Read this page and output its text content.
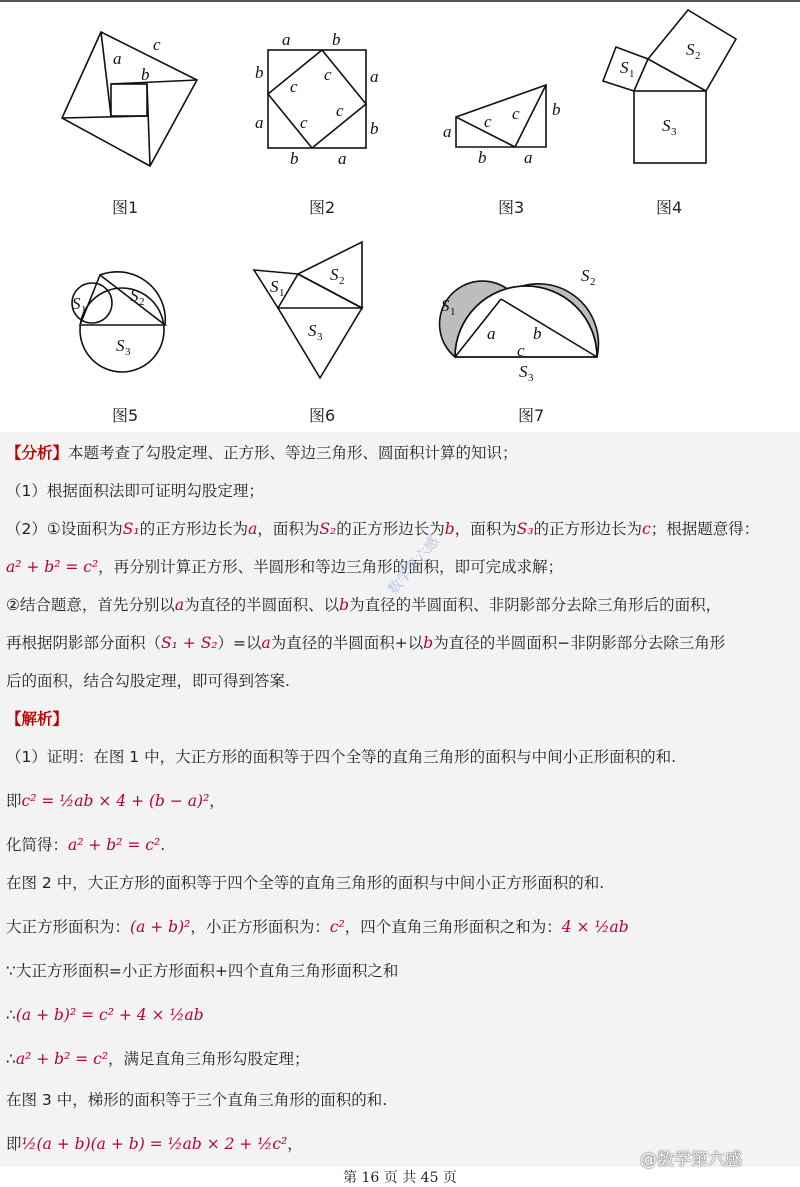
a
c
b
图1
a b
b
a
a
b
b a
c
c
c
c
图2
a
b
b a
c c
图3
S 1
S 2
S 3
图4
S 1
S 2
S 3
图5
S 1
S 2
S 3
图6
S 1
S 2
S 3
a b
c
图7
【分析】本题考查了勾股定理、正方形、等边三角形、圆面积计算的知识；
（1）根据面积法即可证明勾股定理；
（2）①设面积为S₁的正方形边长为a，面积为S₂的正方形边长为b，面积为S₃的正方形边长为c；根据题意得：
a² + b² = c²，再分别计算正方形、半圆形和等边三角形的面积，即可完成求解；
②结合题意，首先分别以a为直径的半圆面积、以b为直径的半圆面积、非阴影部分去除三角形后的面积，
再根据阴影部分面积（S₁ + S₂）=以a为直径的半圆面积+以b为直径的半圆面积−非阴影部分去除三角形
后的面积，结合勾股定理，即可得到答案.
【解析】
（1）证明：在图 1 中，大正方形的面积等于四个全等的直角三角形的面积与中间小正形面积的和.
即c² = ½ab × 4 + (b − a)²，
化简得：a² + b² = c².
在图 2 中，大正方形的面积等于四个全等的直角三角形的面积与中间小正方形面积的和.
大正方形面积为：(a + b)²，小正方形面积为：c²，四个直角三角形面积之和为：4 × ½ab
∵大正方形面积=小正方形面积+四个直角三角形面积之和
∴(a + b)² = c² + 4 × ½ab
∴a² + b² = c²，满足直角三角形勾股定理；
在图 3 中，梯形的面积等于三个直角三角形的面积的和.
即½(a + b)(a + b) = ½ab × 2 + ½c²，
数学第六感
@数学第六感
第 16 页 共 45 页
